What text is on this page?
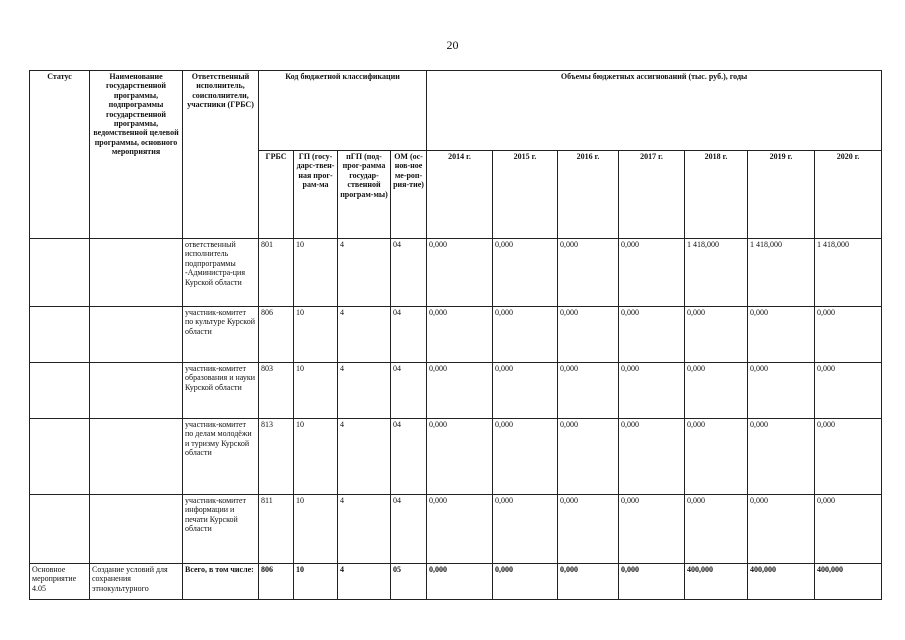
20
Статус	Наименование государственной программы, подпрограммы государственной программы, ведомственной целевой программы, основного мероприятия	Ответственный исполнитель, соисполнители, участники (ГРБС)	Код бюджетной классификации				Объемы бюджетных ассигнований (тыс. руб.), годы						
			ГРБС	ГП (госу-дарс-твен-ная прог-рам-ма	пГП (под-прог-рамма государ-ственной програм-мы)	ОМ (ос-нов-ное ме-роп-рия-тие)	2014 г.	2015 г.	2016 г.	2017 г.	2018 г.	2019 г.	2020 г.
		ответственный исполнитель подпрограммы -Администра-ция Курской области	801	10	4	04	0,000	0,000	0,000	0,000	1 418,000	1 418,000	1 418,000
		участник-комитет по культуре Курской области	806	10	4	04	0,000	0,000	0,000	0,000	0,000	0,000	0,000
		участник-комитет образования и науки Курской области	803	10	4	04	0,000	0,000	0,000	0,000	0,000	0,000	0,000
		участник-комитет по делам молодёжи и туризму Курской области	813	10	4	04	0,000	0,000	0,000	0,000	0,000	0,000	0,000
		участник-комитет информации и печати Курской области	811	10	4	04	0,000	0,000	0,000	0,000	0,000	0,000	0,000
Основное мероприятие 4.05	Создание условий для сохранения этнокультурного	Всего, в том числе:	806	10	4	05	0,000	0,000	0,000	0,000	400,000	400,000	400,000
